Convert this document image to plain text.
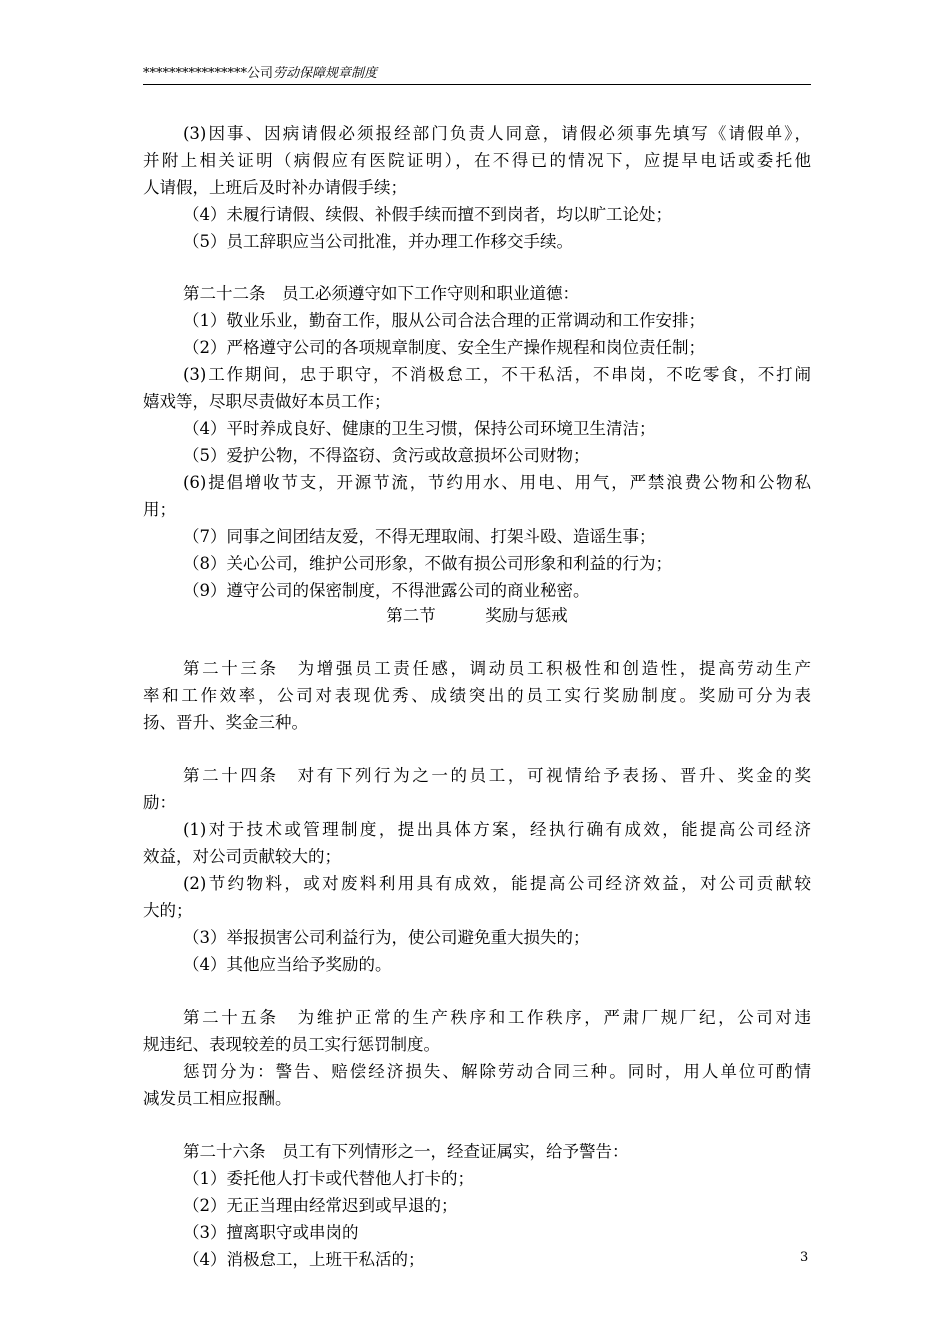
****************公司劳动保障规章制度
(3)因事、因病请假必须报经部门负责人同意，请假必须事先填写《请假单》，
并附上相关证明（病假应有医院证明），在不得已的情况下，应提早电话或委托他
人请假，上班后及时补办请假手续；
（4）未履行请假、续假、补假手续而擅不到岗者，均以旷工论处；
（5）员工辞职应当公司批准，并办理工作移交手续。
第二十二条　员工必须遵守如下工作守则和职业道德：
（1）敬业乐业，勤奋工作，服从公司合法合理的正常调动和工作安排；
（2）严格遵守公司的各项规章制度、安全生产操作规程和岗位责任制；
(3)工作期间，忠于职守，不消极怠工，不干私活，不串岗，不吃零食，不打闹
嬉戏等，尽职尽责做好本员工作；
（4）平时养成良好、健康的卫生习惯，保持公司环境卫生清洁；
（5）爱护公物，不得盗窃、贪污或故意损坏公司财物；
(6)提倡增收节支，开源节流，节约用水、用电、用气，严禁浪费公物和公物私
用；
（7）同事之间团结友爱，不得无理取闹、打架斗殴、造谣生事；
（8）关心公司，维护公司形象，不做有损公司形象和利益的行为；
（9）遵守公司的保密制度，不得泄露公司的商业秘密。
第二节　　　奖励与惩戒
第二十三条　为增强员工责任感，调动员工积极性和创造性，提高劳动生产
率和工作效率，公司对表现优秀、成绩突出的员工实行奖励制度。奖励可分为表
扬、晋升、奖金三种。
第二十四条　对有下列行为之一的员工，可视情给予表扬、晋升、奖金的奖
励：
(1)对于技术或管理制度，提出具体方案，经执行确有成效，能提高公司经济
效益，对公司贡献较大的；
(2)节约物料，或对废料利用具有成效，能提高公司经济效益，对公司贡献较
大的；
（3）举报损害公司利益行为，使公司避免重大损失的；
（4）其他应当给予奖励的。
第二十五条　为维护正常的生产秩序和工作秩序，严肃厂规厂纪，公司对违
规违纪、表现较差的员工实行惩罚制度。
惩罚分为：警告、赔偿经济损失、解除劳动合同三种。同时，用人单位可酌情
减发员工相应报酬。
第二十六条　员工有下列情形之一，经查证属实，给予警告：
（1）委托他人打卡或代替他人打卡的；
（2）无正当理由经常迟到或早退的；
（3）擅离职守或串岗的
（4）消极怠工，上班干私活的；	3
